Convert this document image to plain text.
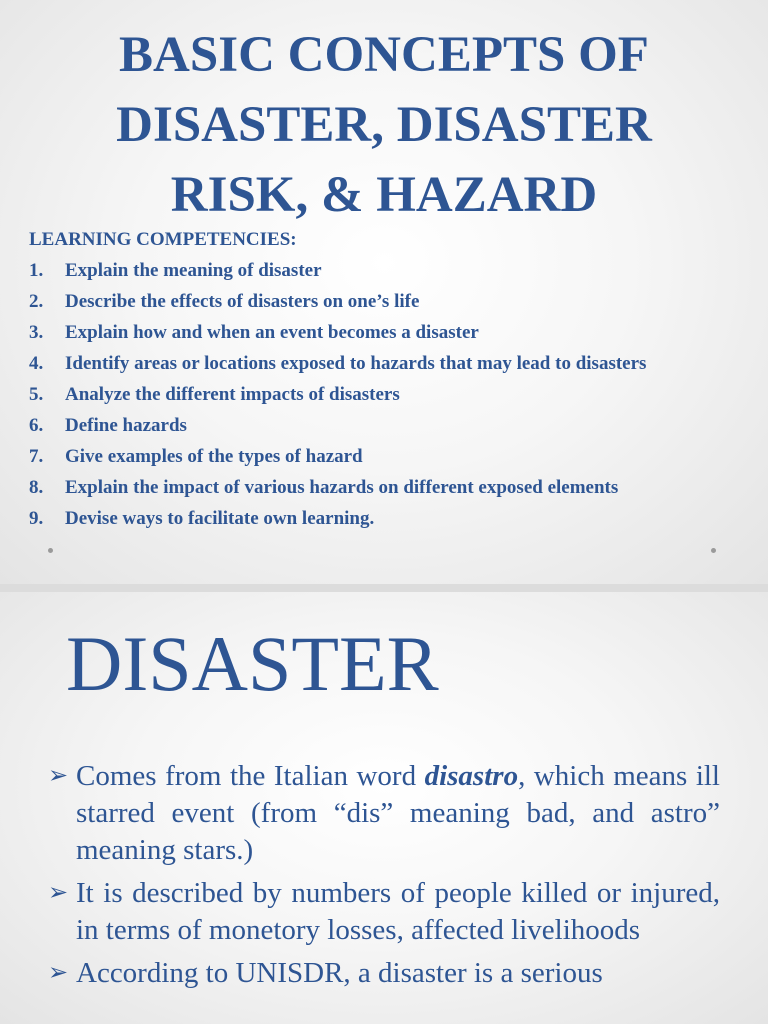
BASIC CONCEPTS OF
DISASTER, DISASTER
RISK, & HAZARD

LEARNING COMPETENCIES:

1. Explain the meaning of disaster
2. Describe the effects of disasters on one’s life
3. Explain how and when an event becomes a disaster
4. Identify areas or locations exposed to hazards that may lead to disasters
5. Analyze the different impacts of disasters
6. Define hazards
7. Give examples of the types of hazard
8. Explain the impact of various hazards on different exposed elements
9. Devise ways to facilitate own learning.
DISASTER
➢ Comes from the Italian word disastro, which means ill starred event (from “dis” meaning bad, and astro” meaning stars.)
➢ It is described by numbers of people killed or injured, in terms of monetory losses, affected livelihoods
➢ According to UNISDR, a disaster is a serious
